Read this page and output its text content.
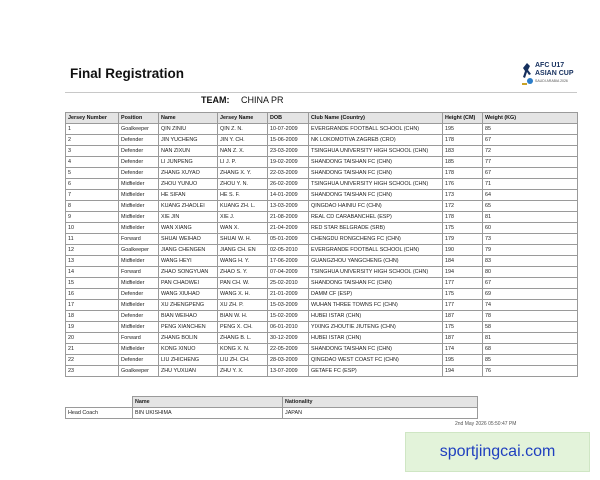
Final Registration
AFC U17
ASIAN CUP
SAUDI ARABIA 2026
TEAM: CHINA PR
Jersey Number	Position	Name	Jersey Name	DOB	Club Name (Country)	Height (CM)	Weight (KG)
1	Goalkeeper	QIN ZINIU	QIN Z. N.	10-07-2009	EVERGRANDE FOOTBALL SCHOOL (CHN)	195	85
2	Defender	JIN YUCHENG	JIN Y. CH.	15-06-2009	NK LOKOMOTIVA ZAGREB (CRO)	178	67
3	Defender	NAN ZIXUN	NAN Z. X.	23-03-2009	TSINGHUA UNIVERSITY HIGH SCHOOL (CHN)	183	72
4	Defender	LI JUNPENG	LI J. P.	19-02-2009	SHANDONG TAISHAN FC (CHN)	185	77
5	Defender	ZHANG XUYAO	ZHANG X. Y.	22-03-2009	SHANDONG TAISHAN FC (CHN)	178	67
6	Midfielder	ZHOU YUNUO	ZHOU Y. N.	26-02-2009	TSINGHUA UNIVERSITY HIGH SCHOOL (CHN)	176	71
7	Midfielder	HE SIFAN	HE S. F.	14-01-2009	SHANDONG TAISHAN FC (CHN)	173	64
8	Midfielder	KUANG ZHAOLEI	KUANG ZH. L.	13-03-2009	QINGDAO HAINIU FC (CHN)	172	65
9	Midfielder	XIE JIN	XIE J.	21-08-2009	REAL CD CARABANCHEL (ESP)	178	81
10	Midfielder	WAN XIANG	WAN X.	21-04-2009	RED STAR BELGRADE (SRB)	175	60
11	Forward	SHUAI WEIHAO	SHUAI W. H.	05-01-2009	CHENGDU RONGCHENG FC (CHN)	179	73
12	Goalkeeper	JIANG CHENGEN	JIANG CH. EN	02-05-2010	EVERGRANDE FOOTBALL SCHOOL (CHN)	190	79
13	Midfielder	WANG HEYI	WANG H. Y.	17-06-2009	GUANGZHOU YANGCHENG (CHN)	184	83
14	Forward	ZHAO SONGYUAN	ZHAO S. Y.	07-04-2009	TSINGHUA UNIVERSITY HIGH SCHOOL (CHN)	194	80
15	Midfielder	PAN CHAOWEI	PAN CH. W.	25-02-2010	SHANDONG TAISHAN FC (CHN)	177	67
16	Defender	WANG XIUHAO	WANG X. H.	21-01-2009	DAMM CF (ESP)	175	69
17	Midfielder	XU ZHENGPENG	XU ZH. P.	15-03-2009	WUHAN THREE TOWNS FC (CHN)	177	74
18	Defender	BIAN WEIHAO	BIAN W. H.	15-02-2009	HUBEI ISTAR (CHN)	187	78
19	Midfielder	PENG XIANCHEN	PENG X. CH.	06-01-2010	YIXING ZHOUTIE JIUTENG (CHN)	175	58
20	Forward	ZHANG BOLIN	ZHANG B. L.	30-12-2009	HUBEI ISTAR (CHN)	187	81
21	Midfielder	KONG XINUO	KONG X. N.	22-05-2009	SHANDONG TAISHAN FC (CHN)	174	68
22	Defender	LIU ZHICHENG	LIU ZH. CH.	28-03-2009	QINGDAO WEST COAST FC (CHN)	195	85
23	Goalkeeper	ZHU YUXUAN	ZHU Y. X.	13-07-2009	GETAFE FC (ESP)	194	76
	Name	Nationality
Head Coach	BIN UKISHIMA	JAPAN
2nd May 2026 05:50:47 PM
sportjingcai.com
